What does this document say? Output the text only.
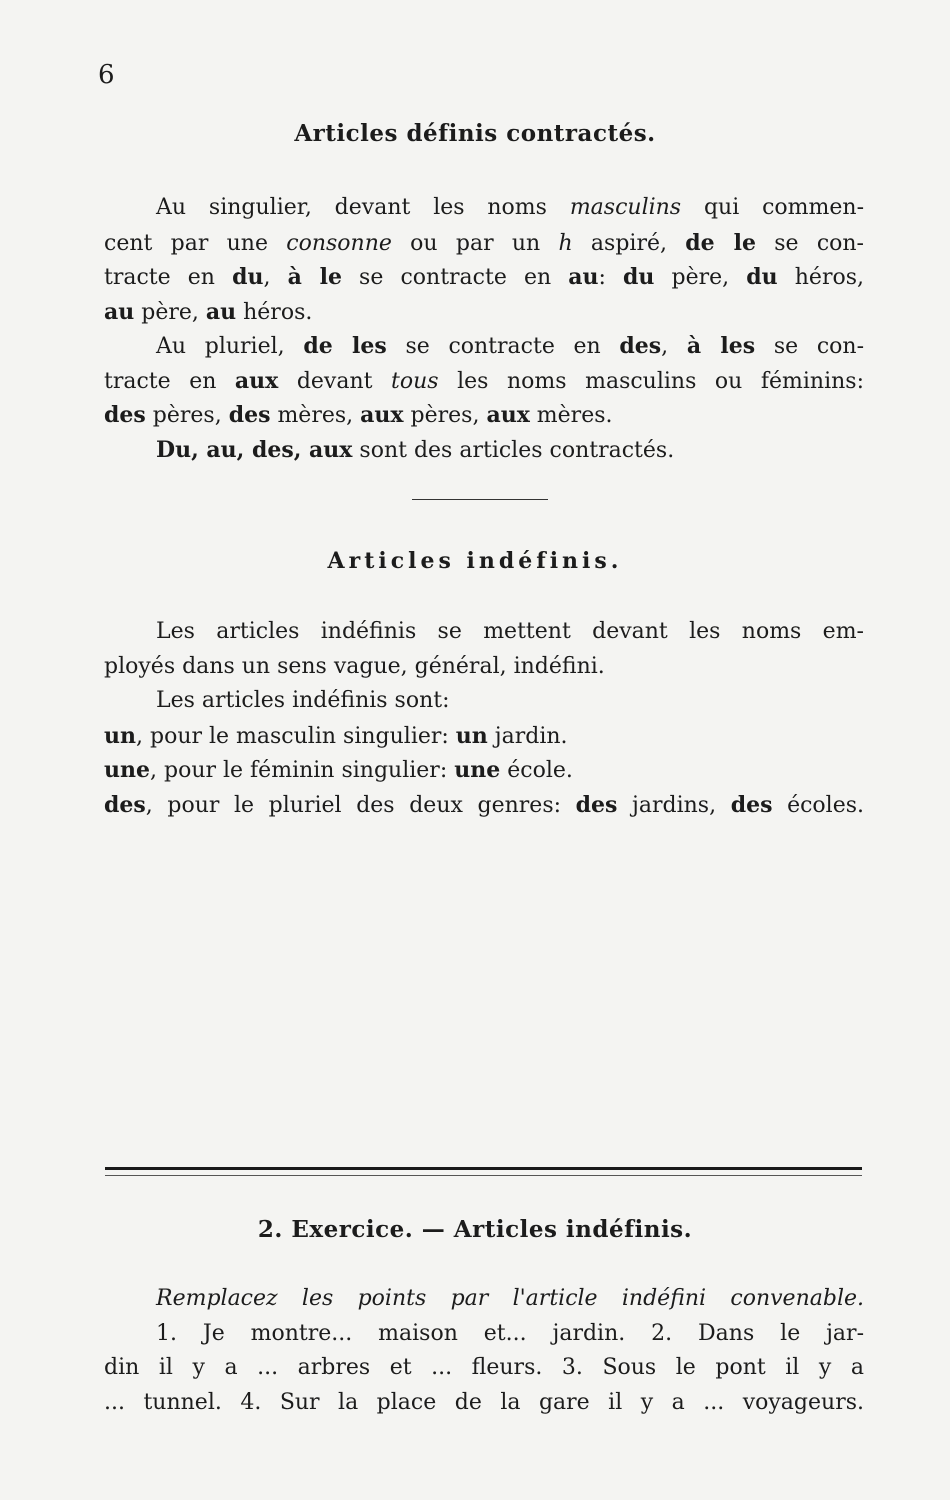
6
Articles définis contractés.
Au singulier, devant les noms masculins qui commen-
cent par une consonne ou par un h aspiré, de le se con-
tracte en du, à le se contracte en au: du père, du héros,
au père, au héros.
Au pluriel, de les se contracte en des, à les se con-
tracte en aux devant tous les noms masculins ou féminins:
des pères, des mères, aux pères, aux mères.
Du, au, des, aux sont des articles contractés.
Articles indéfinis.
Les articles indéfinis se mettent devant les noms em-
ployés dans un sens vague, général, indéfini.
Les articles indéfinis sont:
un, pour le masculin singulier: un jardin.
une, pour le féminin singulier: une école.
des, pour le pluriel des deux genres: des jardins, des écoles.
2. Exercice. — Articles indéfinis.
Remplacez les points par l'article indéfini convenable.
1. Je montre... maison et... jardin. 2. Dans le jar-
din il y a ... arbres et ... fleurs. 3. Sous le pont il y a
... tunnel. 4. Sur la place de la gare il y a ... voyageurs.
